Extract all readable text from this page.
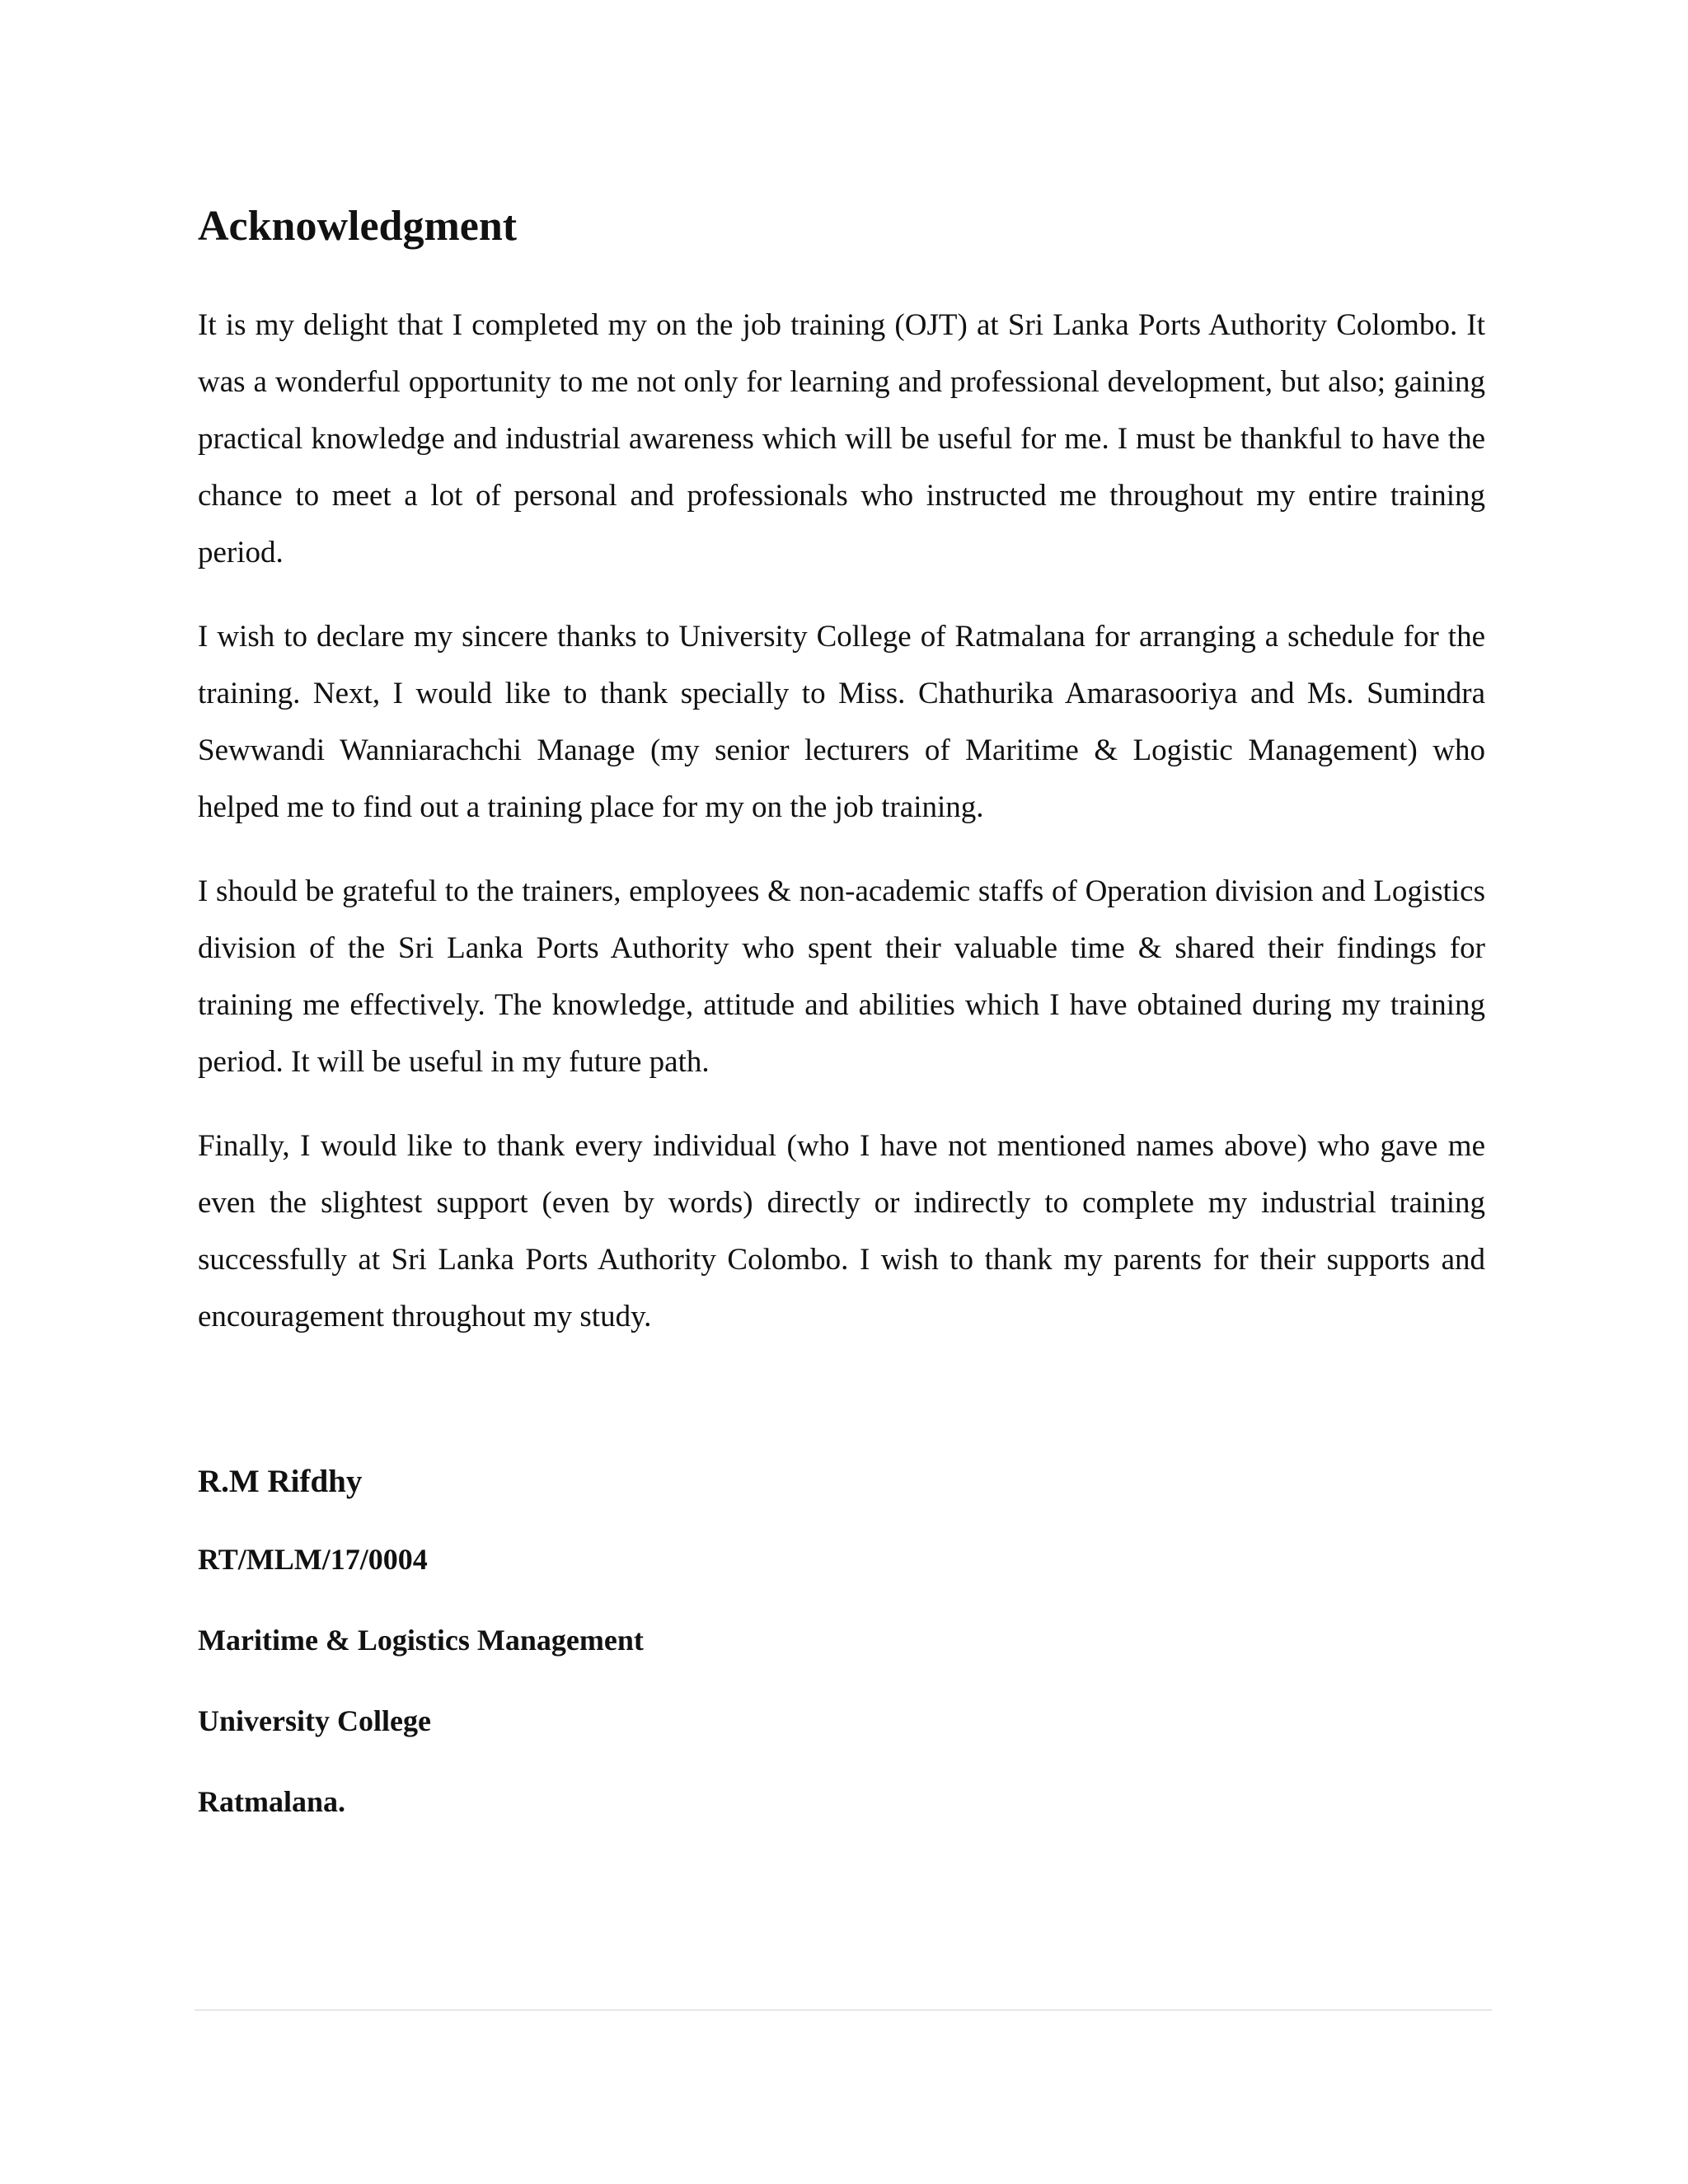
Acknowledgment

It is my delight that I completed my on the job training (OJT) at Sri Lanka Ports Authority Colombo. It was a wonderful opportunity to me not only for learning and professional development, but also; gaining practical knowledge and industrial awareness which will be useful for me. I must be thankful to have the chance to meet a lot of personal and professionals who instructed me throughout my entire training period.

I wish to declare my sincere thanks to University College of Ratmalana for arranging a schedule for the training. Next, I would like to thank specially to Miss. Chathurika Amarasooriya and Ms. Sumindra Sewwandi Wanniarachchi Manage (my senior lecturers of Maritime & Logistic Management) who helped me to find out a training place for my on the job training.

I should be grateful to the trainers, employees & non-academic staffs of Operation division and Logistics division of the Sri Lanka Ports Authority who spent their valuable time & shared their findings for training me effectively. The knowledge, attitude and abilities which I have obtained during my training period. It will be useful in my future path.

Finally, I would like to thank every individual (who I have not mentioned names above) who gave me even the slightest support (even by words) directly or indirectly to complete my industrial training successfully at Sri Lanka Ports Authority Colombo. I wish to thank my parents for their supports and encouragement throughout my study.

R.M Rifdhy

RT/MLM/17/0004

Maritime & Logistics Management

University College

Ratmalana.
